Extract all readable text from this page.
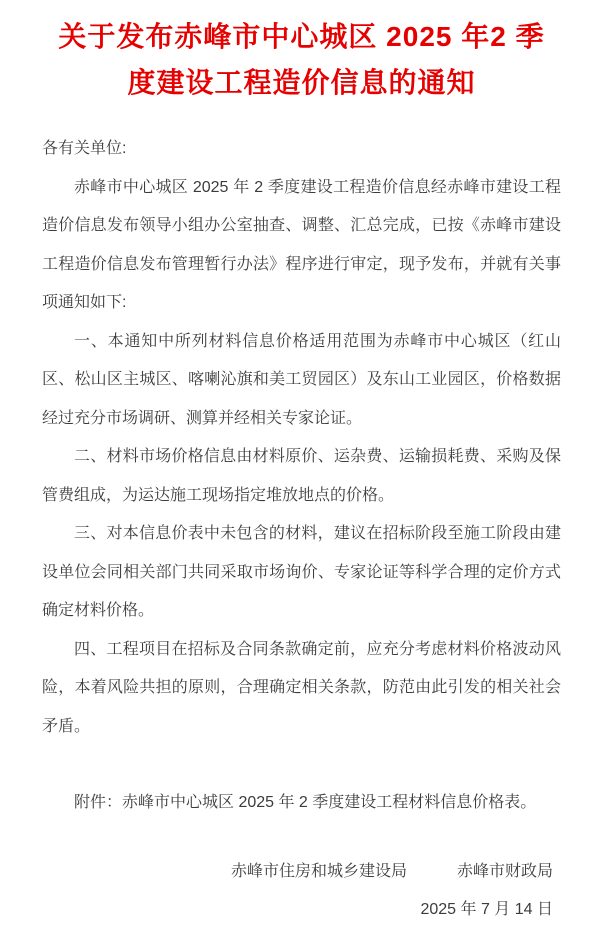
关于发布赤峰市中心城区 2025 年2 季
度建设工程造价信息的通知

各有关单位:

赤峰市中心城区 2025 年 2 季度建设工程造价信息经赤峰市建设工程造价信息发布领导小组办公室抽查、调整、汇总完成，已按《赤峰市建设工程造价信息发布管理暂行办法》程序进行审定，现予发布，并就有关事项通知如下:

一、本通知中所列材料信息价格适用范围为赤峰市中心城区（红山区、松山区主城区、喀喇沁旗和美工贸园区）及东山工业园区，价格数据经过充分市场调研、测算并经相关专家论证。

二、材料市场价格信息由材料原价、运杂费、运输损耗费、采购及保管费组成，为运达施工现场指定堆放地点的价格。

三、对本信息价表中未包含的材料，建议在招标阶段至施工阶段由建设单位会同相关部门共同采取市场询价、专家论证等科学合理的定价方式确定材料价格。

四、工程项目在招标及合同条款确定前，应充分考虑材料价格波动风险，本着风险共担的原则，合理确定相关条款，防范由此引发的相关社会矛盾。

附件：赤峰市中心城区 2025 年 2 季度建设工程材料信息价格表。

赤峰市住房和城乡建设局	赤峰市财政局
2025 年 7 月 14 日
